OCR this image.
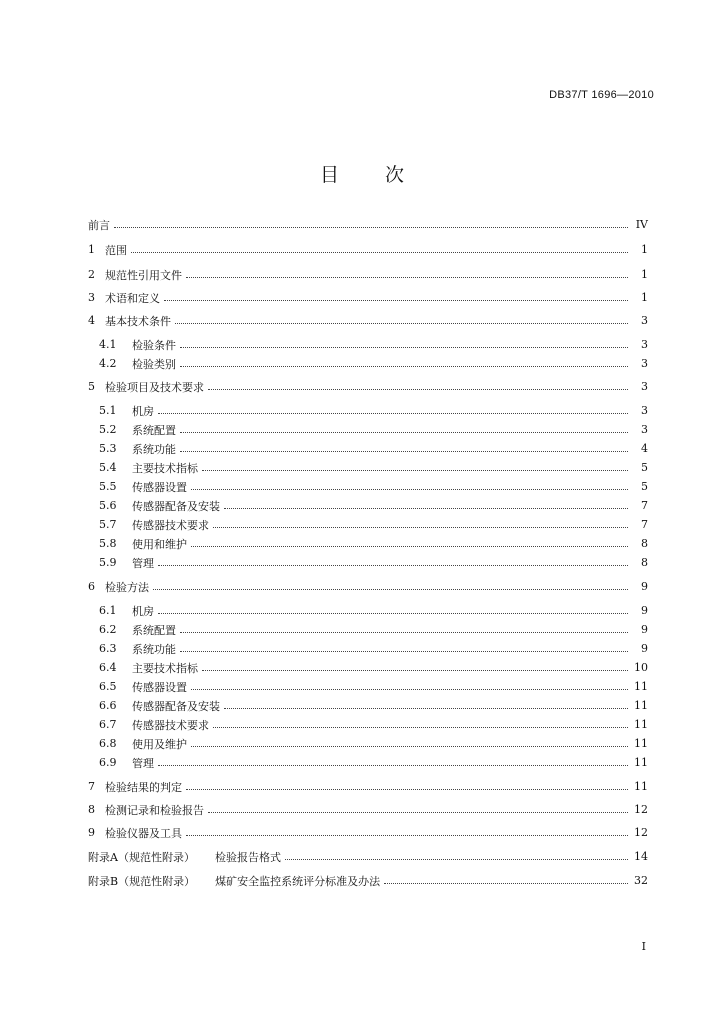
DB37/T 1696—2010
目 次
前言	IV
1 范围	1
2 规范性引用文件	1
3 术语和定义	1
4 基本技术条件	3
4.1	检验条件	3
4.2	检验类别	3
5 检验项目及技术要求	3
5.1	机房	3
5.2	系统配置	3
5.3	系统功能	4
5.4	主要技术指标	5
5.5	传感器设置	5
5.6	传感器配备及安装	7
5.7	传感器技术要求	7
5.8	使用和维护	8
5.9	管理	8
6 检验方法	9
6.1	机房	9
6.2	系统配置	9
6.3	系统功能	9
6.4	主要技术指标	10
6.5	传感器设置	11
6.6	传感器配备及安装	11
6.7	传感器技术要求	11
6.8	使用及维护	11
6.9	管理	11
7 检验结果的判定	11
8 检测记录和检验报告	12
9 检验仪器及工具	12
附录A（规范性附录） 检验报告格式	14
附录B（规范性附录） 煤矿安全监控系统评分标准及办法	32
I
